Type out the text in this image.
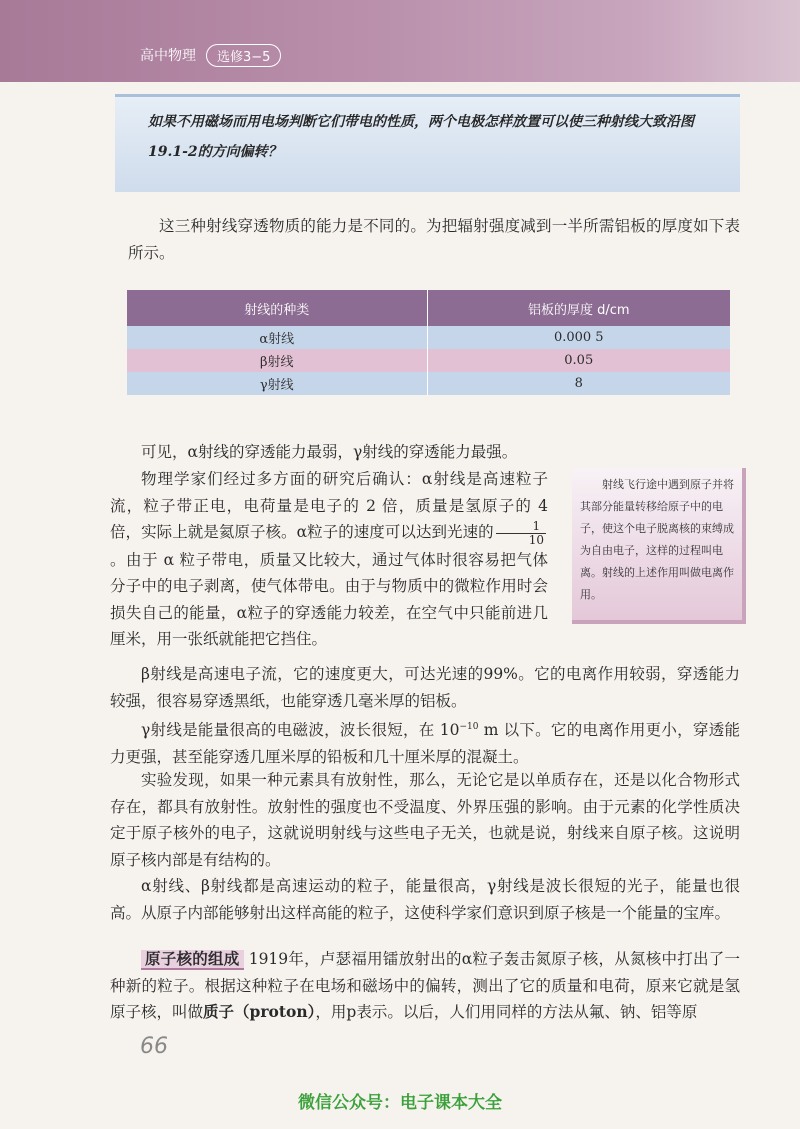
高中物理	选修3−5
如果不用磁场而用电场判断它们带电的性质，两个电极怎样放置可以使三种射线大致沿图19.1-2的方向偏转？

这三种射线穿透物质的能力是不同的。为把辐射强度减到一半所需铝板的厚度如下表所示。

射线的种类	铝板的厚度 d/cm
α射线	0.000 5
β射线	0.05
γ射线	8

可见，α射线的穿透能力最弱，γ射线的穿透能力最强。

物理学家们经过多方面的研究后确认：α射线是高速粒子流，粒子带正电，电荷量是电子的 2 倍，质量是氢原子的 4 倍，实际上就是氦原子核。α粒子的速度可以达到光速的 $\frac{1}{10}$
。由于 α 粒子带电，质量又比较大，通过气体时很容易把气体分子中的电子剥离，使气体带电。由于与物质中的微粒作用时会损失自己的能量，α粒子的穿透能力较差，在空气中只能前进几厘米，用一张纸就能把它挡住。

射线飞行途中遇到原子并将其部分能量转移给原子中的电子，使这个电子脱离核的束缚成为自由电子，这样的过程叫电离。射线的上述作用叫做电离作用。

β射线是高速电子流，它的速度更大，可达光速的99%。它的电离作用较弱，穿透能力较强，很容易穿透黑纸，也能穿透几毫米厚的铝板。

γ射线是能量很高的电磁波，波长很短，在 $10^{-10}$ m 以下。它的电离作用更小，穿透能力更强，甚至能穿透几厘米厚的铅板和几十厘米厚的混凝土。

实验发现，如果一种元素具有放射性，那么，无论它是以单质存在，还是以化合物形式存在，都具有放射性。放射性的强度也不受温度、外界压强的影响。由于元素的化学性质决定于原子核外的电子，这就说明射线与这些电子无关，也就是说，射线来自原子核。这说明原子核内部是有结构的。

α射线、β射线都是高速运动的粒子，能量很高，γ射线是波长很短的光子，能量也很高。从原子内部能够射出这样高能的粒子，这使科学家们意识到原子核是一个能量的宝库。

原子核的组成 1919年，卢瑟福用镭放射出的α粒子轰击氮原子核，从氮核中打出了一种新的粒子。根据这种粒子在电场和磁场中的偏转，测出了它的质量和电荷，原来它就是氢原子核，叫做质子（proton），用p表示。以后，人们用同样的方法从氟、钠、铝等原

66
微信公众号：电子课本大全
